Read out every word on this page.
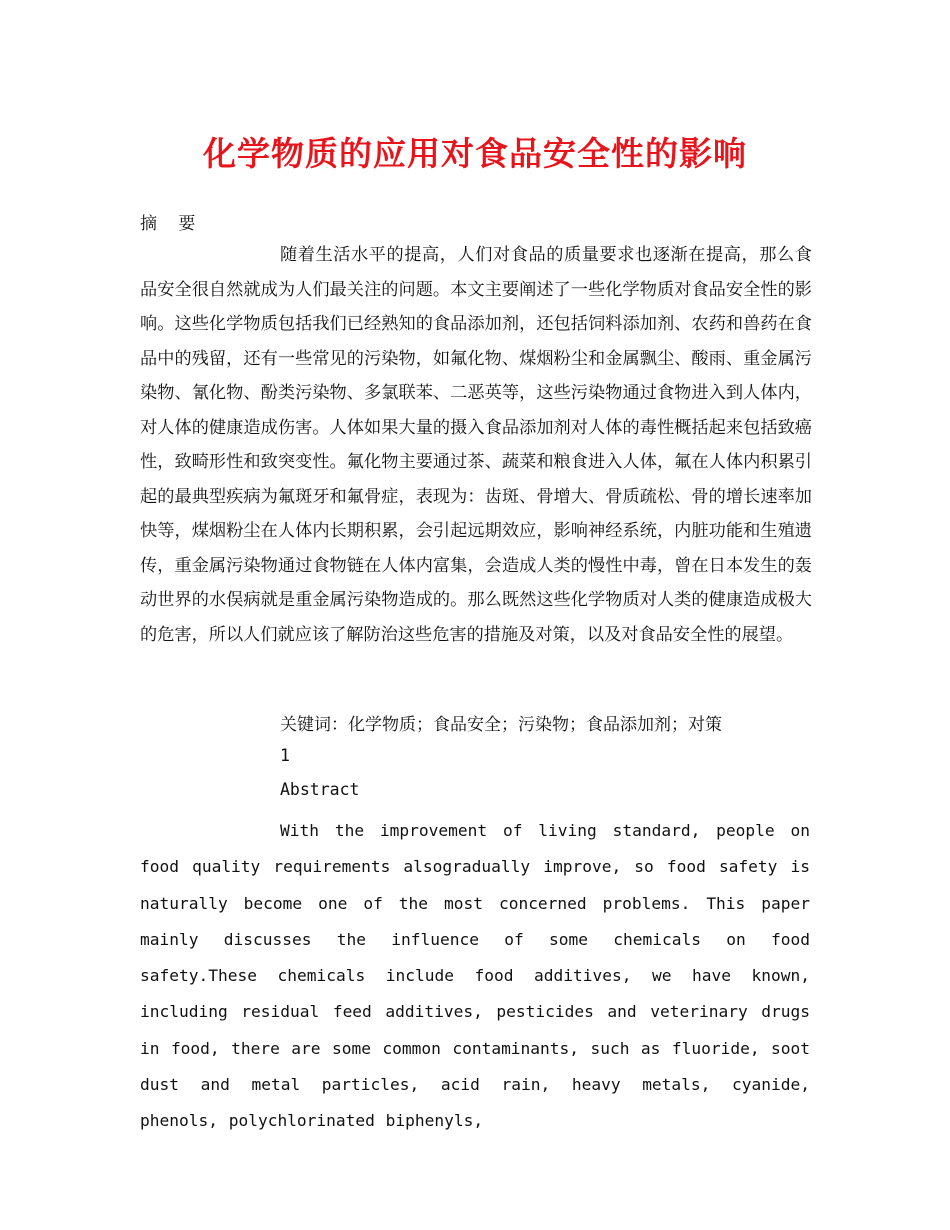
化学物质的应用对食品安全性的影响

摘 要

随着生活水平的提高，人们对食品的质量要求也逐渐在提高，那么食品安全很自然就成为人们最关注的问题。本文主要阐述了一些化学物质对食品安全性的影响。这些化学物质包括我们已经熟知的食品添加剂，还包括饲料添加剂、农药和兽药在食品中的残留，还有一些常见的污染物，如氟化物、煤烟粉尘和金属飘尘、酸雨、重金属污染物、氰化物、酚类污染物、多氯联苯、二恶英等，这些污染物通过食物进入到人体内，对人体的健康造成伤害。人体如果大量的摄入食品添加剂对人体的毒性概括起来包括致癌性，致畸形性和致突变性。氟化物主要通过茶、蔬菜和粮食进入人体，氟在人体内积累引起的最典型疾病为氟斑牙和氟骨症，表现为：齿斑、骨增大、骨质疏松、骨的增长速率加快等，煤烟粉尘在人体内长期积累，会引起远期效应，影响神经系统，内脏功能和生殖遗传，重金属污染物通过食物链在人体内富集，会造成人类的慢性中毒，曾在日本发生的轰动世界的水俣病就是重金属污染物造成的。那么既然这些化学物质对人类的健康造成极大的危害，所以人们就应该了解防治这些危害的措施及对策，以及对食品安全性的展望。

关键词：化学物质；食品安全；污染物；食品添加剂；对策

1

Abstract

With the improvement of living standard, people on food quality requirements alsogradually improve, so food safety is naturally become one of the most concerned problems. This paper mainly discusses the influence of some chemicals on food safety.These chemicals include food additives, we have known, including residual feed additives, pesticides and veterinary drugs in food, there are some common contaminants, such as fluoride, soot dust and metal particles, acid rain, heavy metals, cyanide, phenols, polychlorinated biphenyls,
